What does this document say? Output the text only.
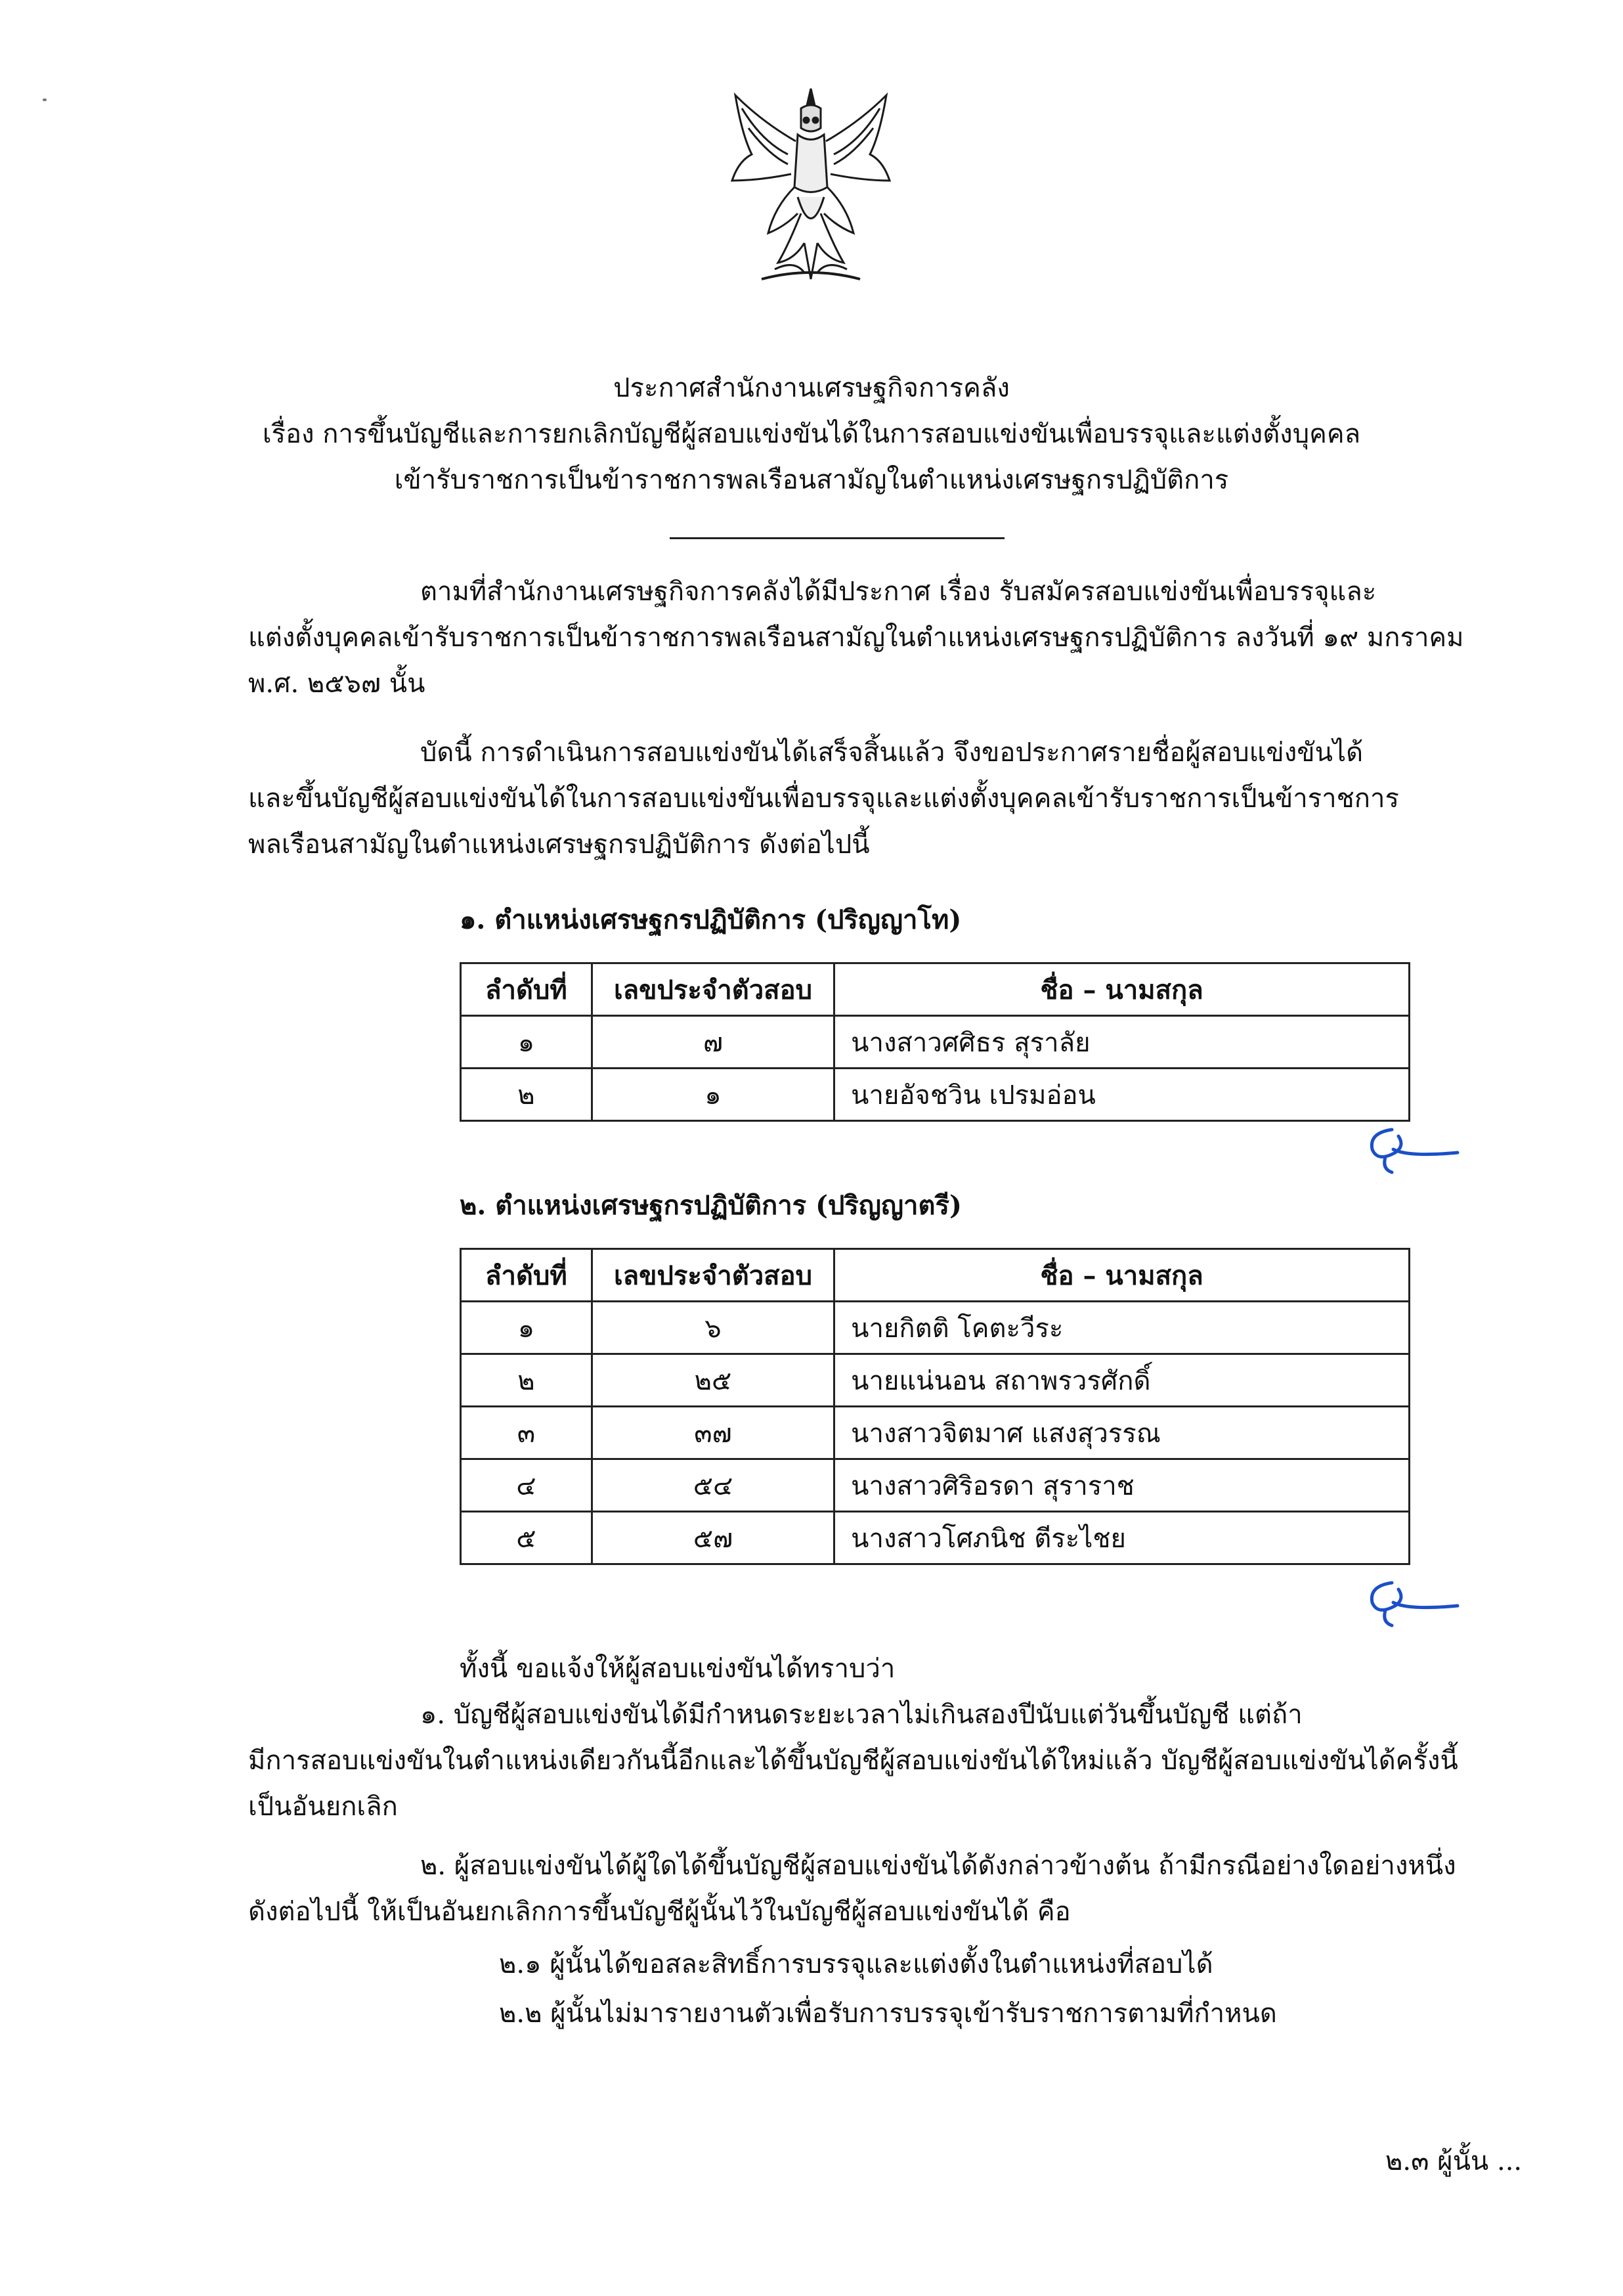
ประกาศสำนักงานเศรษฐกิจการคลัง
เรื่อง การขึ้นบัญชีและการยกเลิกบัญชีผู้สอบแข่งขันได้ในการสอบแข่งขันเพื่อบรรจุและแต่งตั้งบุคคล
เข้ารับราชการเป็นข้าราชการพลเรือนสามัญในตำแหน่งเศรษฐกรปฏิบัติการ
ตามที่สำนักงานเศรษฐกิจการคลังได้มีประกาศ เรื่อง รับสมัครสอบแข่งขันเพื่อบรรจุและ
แต่งตั้งบุคคลเข้ารับราชการเป็นข้าราชการพลเรือนสามัญในตำแหน่งเศรษฐกรปฏิบัติการ ลงวันที่ ๑๙ มกราคม
พ.ศ. ๒๕๖๗ นั้น
บัดนี้ การดำเนินการสอบแข่งขันได้เสร็จสิ้นแล้ว จึงขอประกาศรายชื่อผู้สอบแข่งขันได้
และขึ้นบัญชีผู้สอบแข่งขันได้ในการสอบแข่งขันเพื่อบรรจุและแต่งตั้งบุคคลเข้ารับราชการเป็นข้าราชการ
พลเรือนสามัญในตำแหน่งเศรษฐกรปฏิบัติการ ดังต่อไปนี้
๑. ตำแหน่งเศรษฐกรปฏิบัติการ (ปริญญาโท)
ลำดับที่	เลขประจำตัวสอบ	ชื่อ – นามสกุล
๑	๗	นางสาวศศิธร สุราลัย
๒	๑	นายอัจชวิน เปรมอ่อน
๒. ตำแหน่งเศรษฐกรปฏิบัติการ (ปริญญาตรี)
ลำดับที่	เลขประจำตัวสอบ	ชื่อ – นามสกุล
๑	๖	นายกิตติ โคตะวีระ
๒	๒๕	นายแน่นอน สถาพรวรศักดิ์
๓	๓๗	นางสาวจิตมาศ แสงสุวรรณ
๔	๕๔	นางสาวศิริอรดา สุราราช
๕	๕๗	นางสาวโศภนิช ตีระไชย
ทั้งนี้ ขอแจ้งให้ผู้สอบแข่งขันได้ทราบว่า
๑. บัญชีผู้สอบแข่งขันได้มีกำหนดระยะเวลาไม่เกินสองปีนับแต่วันขึ้นบัญชี แต่ถ้า
มีการสอบแข่งขันในตำแหน่งเดียวกันนี้อีกและได้ขึ้นบัญชีผู้สอบแข่งขันได้ใหม่แล้ว บัญชีผู้สอบแข่งขันได้ครั้งนี้
เป็นอันยกเลิก
๒. ผู้สอบแข่งขันได้ผู้ใดได้ขึ้นบัญชีผู้สอบแข่งขันได้ดังกล่าวข้างต้น ถ้ามีกรณีอย่างใดอย่างหนึ่ง
ดังต่อไปนี้ ให้เป็นอันยกเลิกการขึ้นบัญชีผู้นั้นไว้ในบัญชีผู้สอบแข่งขันได้ คือ
๒.๑ ผู้นั้นได้ขอสละสิทธิ์การบรรจุและแต่งตั้งในตำแหน่งที่สอบได้
๒.๒ ผู้นั้นไม่มารายงานตัวเพื่อรับการบรรจุเข้ารับราชการตามที่กำหนด
๒.๓ ผู้นั้น ...
